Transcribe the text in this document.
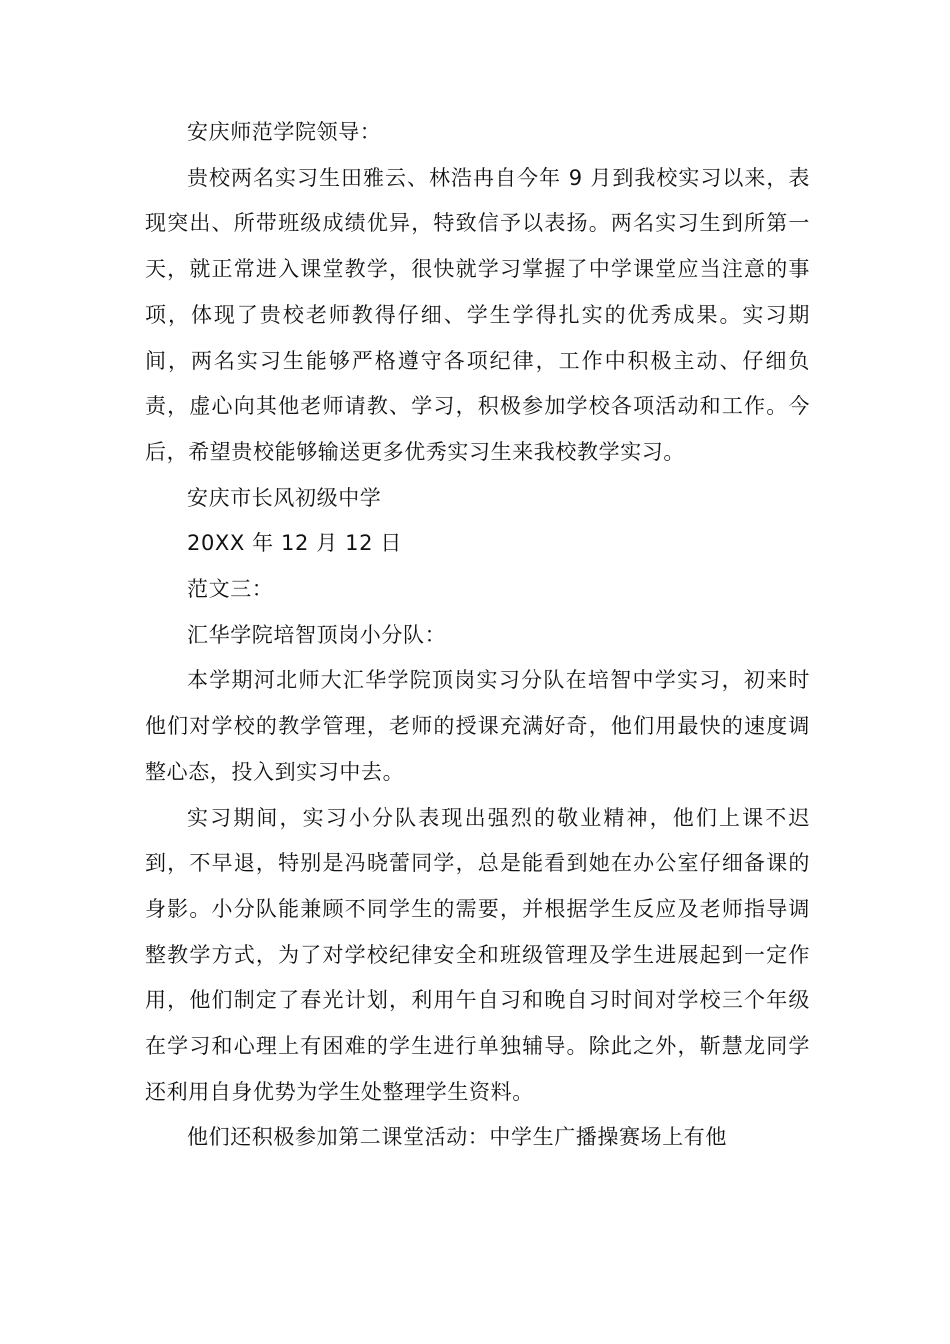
安庆师范学院领导：

贵校两名实习生田雅云、林浩冉自今年 9 月到我校实习以来，表现突出、所带班级成绩优异，特致信予以表扬。两名实习生到所第一天，就正常进入课堂教学，很快就学习掌握了中学课堂应当注意的事项，体现了贵校老师教得仔细、学生学得扎实的优秀成果。实习期间，两名实习生能够严格遵守各项纪律，工作中积极主动、仔细负责，虚心向其他老师请教、学习，积极参加学校各项活动和工作。今后，希望贵校能够输送更多优秀实习生来我校教学实习。

安庆市长风初级中学

20XX 年 12 月 12 日

范文三：

汇华学院培智顶岗小分队：

本学期河北师大汇华学院顶岗实习分队在培智中学实习，初来时他们对学校的教学管理，老师的授课充满好奇，他们用最快的速度调整心态，投入到实习中去。

实习期间，实习小分队表现出强烈的敬业精神，他们上课不迟到，不早退，特别是冯晓蕾同学，总是能看到她在办公室仔细备课的身影。小分队能兼顾不同学生的需要，并根据学生反应及老师指导调整教学方式，为了对学校纪律安全和班级管理及学生进展起到一定作用，他们制定了春光计划，利用午自习和晚自习时间对学校三个年级在学习和心理上有困难的学生进行单独辅导。除此之外，靳慧龙同学还利用自身优势为学生处整理学生资料。

他们还积极参加第二课堂活动：中学生广播操赛场上有他
